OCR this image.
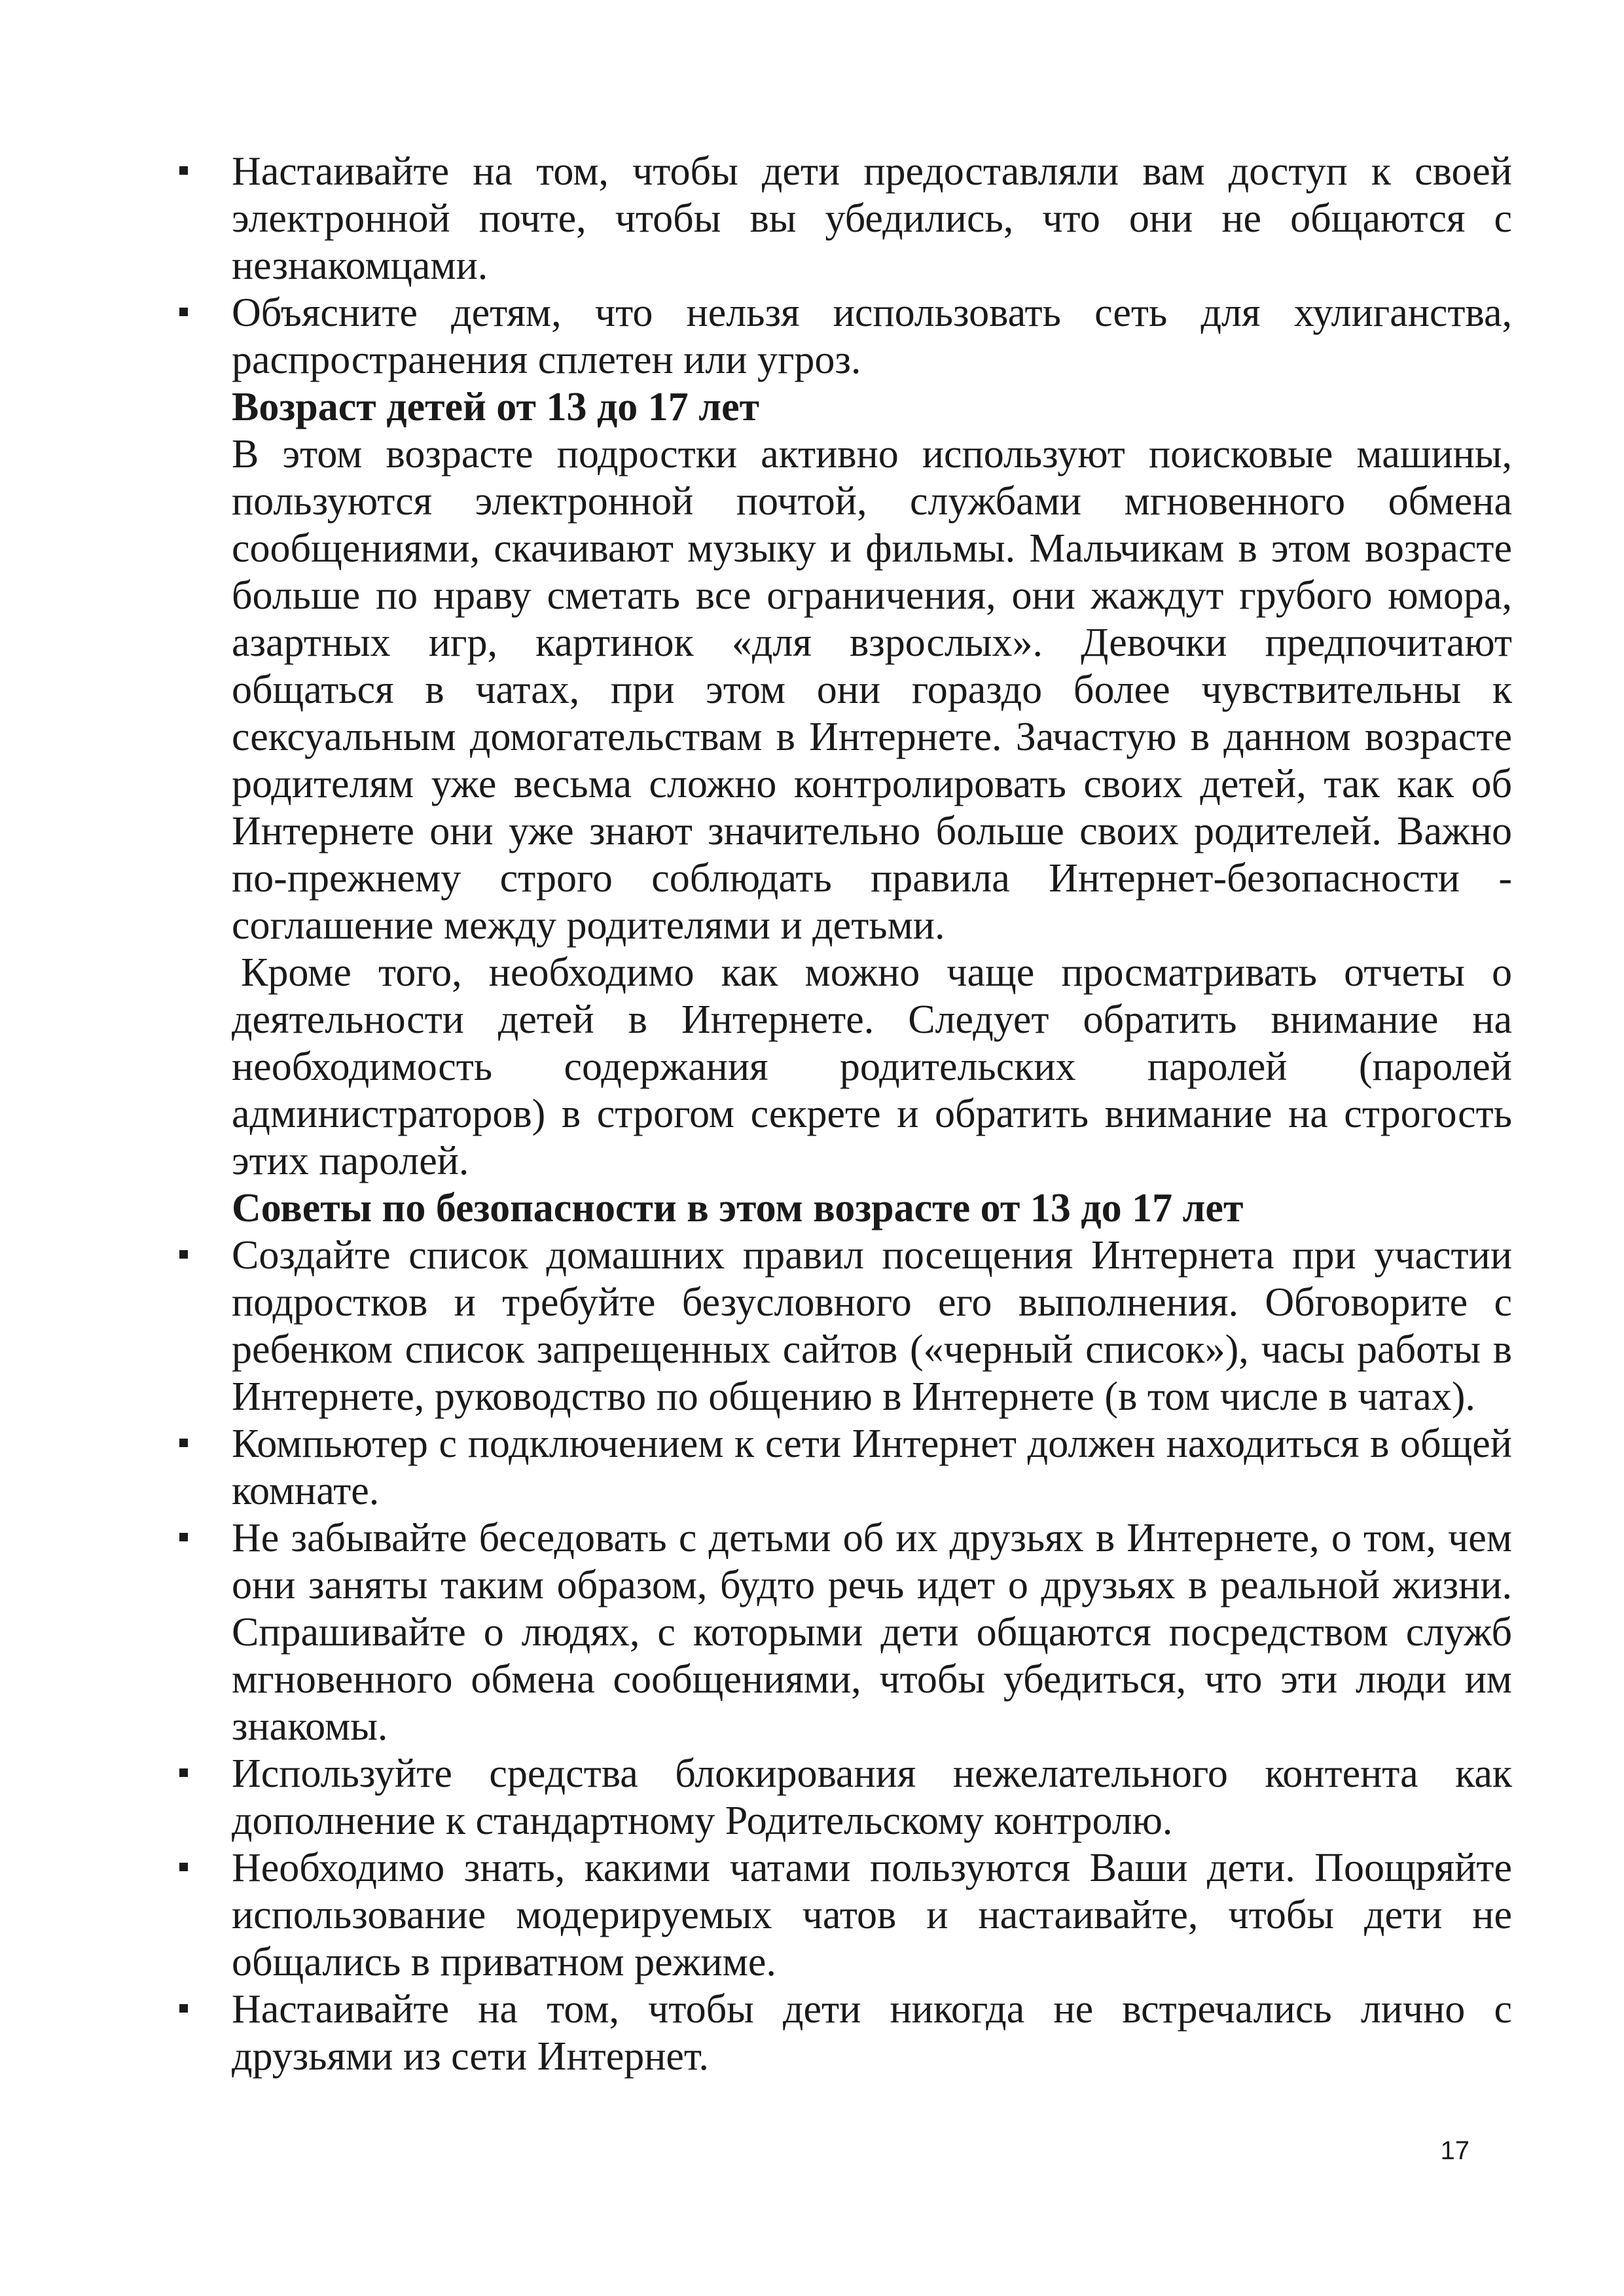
Настаивайте на том, чтобы дети предоставляли вам доступ к своей электронной почте, чтобы вы убедились, что они не общаются с незнакомцами.
Объясните детям, что нельзя использовать сеть для хулиганства, распространения сплетен или угроз.
Возраст детей от 13 до 17 лет
В этом возрасте подростки активно используют поисковые машины, пользуются электронной почтой, службами мгновенного обмена сообщениями, скачивают музыку и фильмы. Мальчикам в этом возрасте больше по нраву сметать все ограничения, они жаждут грубого юмора, азартных игр, картинок «для взрослых». Девочки предпочитают общаться в чатах, при этом они гораздо более чувствительны к сексуальным домогательствам в Интернете. Зачастую в данном возрасте родителям уже весьма сложно контролировать своих детей, так как об Интернете они уже знают значительно больше своих родителей. Важно по-прежнему строго соблюдать правила Интернет-безопасности - соглашение между родителями и детьми.
Кроме того, необходимо как можно чаще просматривать отчеты о деятельности детей в Интернете. Следует обратить внимание на необходимость содержания родительских паролей (паролей администраторов) в строгом секрете и обратить внимание на строгость этих паролей.
Советы по безопасности в этом возрасте от 13 до 17 лет
Создайте список домашних правил посещения Интернета при участии подростков и требуйте безусловного его выполнения. Обговорите с ребенком список запрещенных сайтов («черный список»), часы работы в Интернете, руководство по общению в Интернете (в том числе в чатах).
Компьютер с подключением к сети Интернет должен находиться в общей комнате.
Не забывайте беседовать с детьми об их друзьях в Интернете, о том, чем они заняты таким образом, будто речь идет о друзьях в реальной жизни. Спрашивайте о людях, с которыми дети общаются посредством служб мгновенного обмена сообщениями, чтобы убедиться, что эти люди им знакомы.
Используйте средства блокирования нежелательного контента как дополнение к стандартному Родительскому контролю.
Необходимо знать, какими чатами пользуются Ваши дети. Поощряйте использование модерируемых чатов и настаивайте, чтобы дети не общались в приватном режиме.
Настаивайте на том, чтобы дети никогда не встречались лично с друзьями из сети Интернет.
17
